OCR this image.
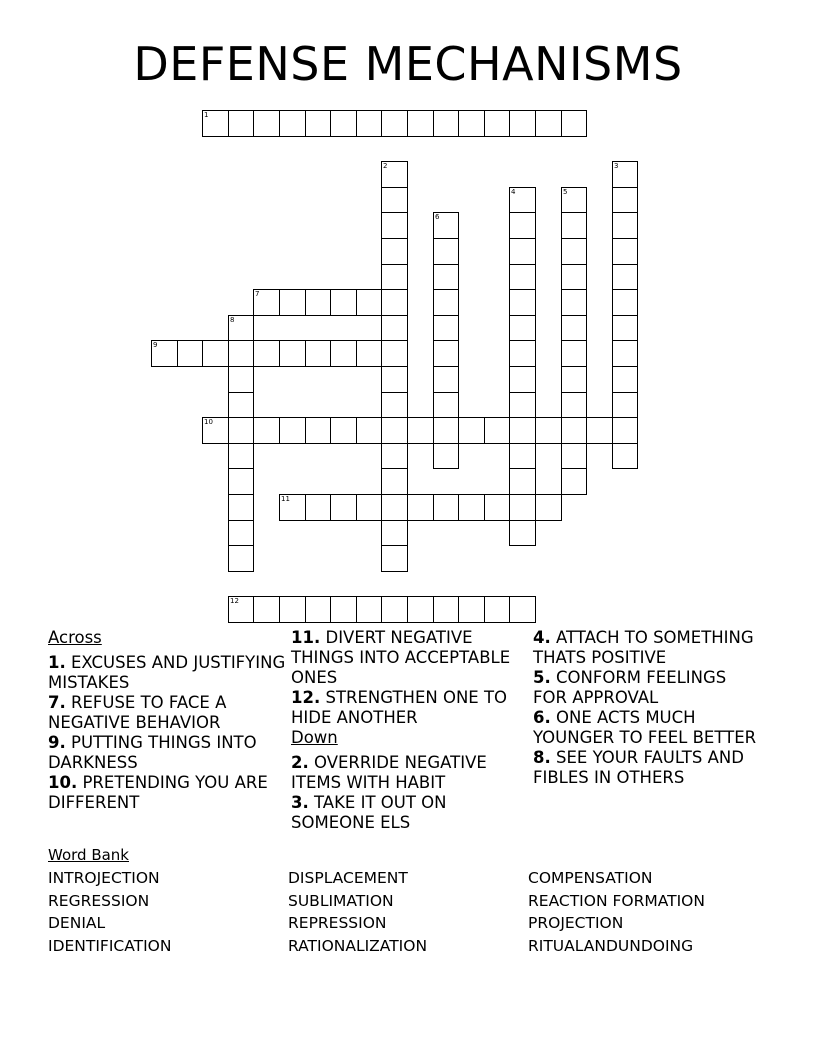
DEFENSE MECHANISMS
1
2	3
4	5
6
7
8
9
10
11
12

Across

1. EXCUSES AND JUSTIFYING MISTAKES

7. REFUSE TO FACE A NEGATIVE BEHAVIOR

9. PUTTING THINGS INTO DARKNESS

10. PRETENDING YOU ARE DIFFERENT

11. DIVERT NEGATIVE THINGS INTO ACCEPTABLE ONES

12. STRENGTHEN ONE TO HIDE ANOTHER

Down

2. OVERRIDE NEGATIVE ITEMS WITH HABIT

3. TAKE IT OUT ON SOMEONE ELS

4. ATTACH TO SOMETHING THATS POSITIVE

5. CONFORM FEELINGS FOR APPROVAL

6. ONE ACTS MUCH YOUNGER TO FEEL BETTER

8. SEE YOUR FAULTS AND FIBLES IN OTHERS

Word Bank
INTROJECTION
REGRESSION
DENIAL
IDENTIFICATION
DISPLACEMENT
SUBLIMATION
REPRESSION
RATIONALIZATION
COMPENSATION
REACTION FORMATION
PROJECTION
RITUALANDUNDOING
